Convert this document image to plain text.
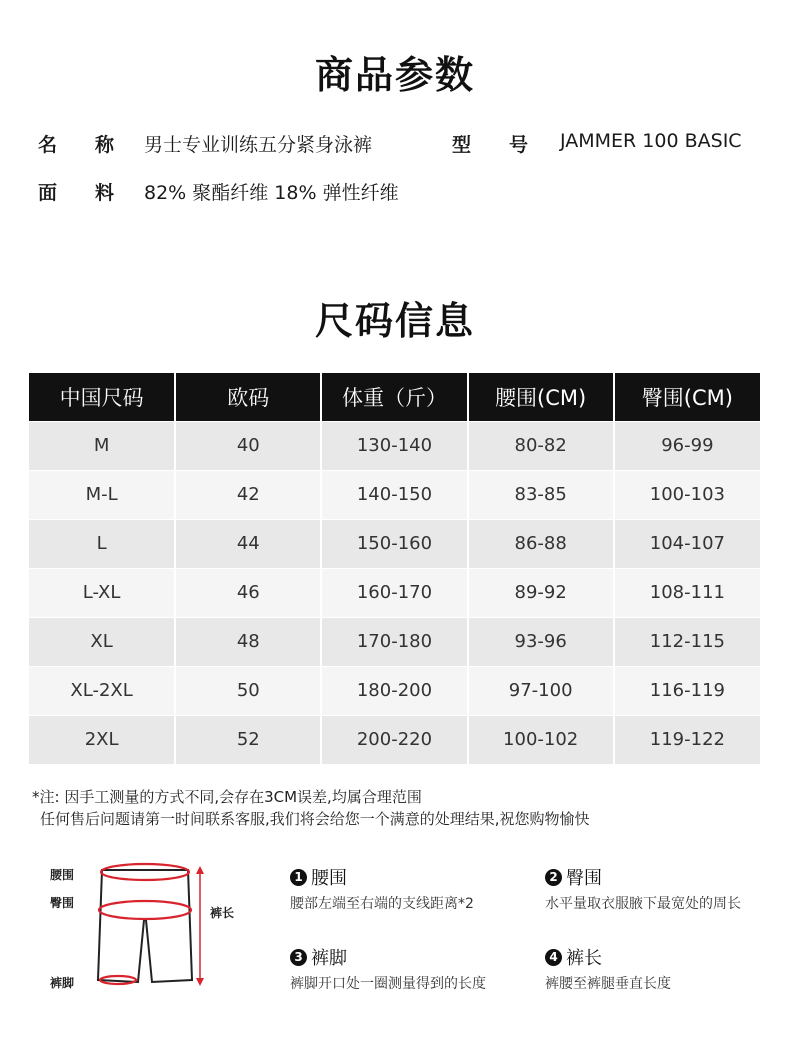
商品参数
名　　称	男士专业训练五分紧身泳裤	型　　号	JAMMER 100 BASIC
面　　料	82% 聚酯纤维 18% 弹性纤维
尺码信息
中国尺码	欧码	体重（斤）	腰围(CM)	臀围(CM)
M	40	130-140	80-82	96-99
M-L	42	140-150	83-85	100-103
L	44	150-160	86-88	104-107
L-XL	46	160-170	89-92	108-111
XL	48	170-180	93-96	112-115
XL-2XL	50	180-200	97-100	116-119
2XL	52	200-220	100-102	119-122
*注: 因手工测量的方式不同,会存在3CM误差,均属合理范围
任何售后问题请第一时间联系客服,我们将会给您一个满意的处理结果,祝您购物愉快
腰围
臀围
裤脚
裤长
1 腰围
腰部左端至右端的支线距离*2
2 臀围
水平量取衣服腋下最宽处的周长
3 裤脚
裤脚开口处一圈测量得到的长度
4 裤长
裤腰至裤腿垂直长度
